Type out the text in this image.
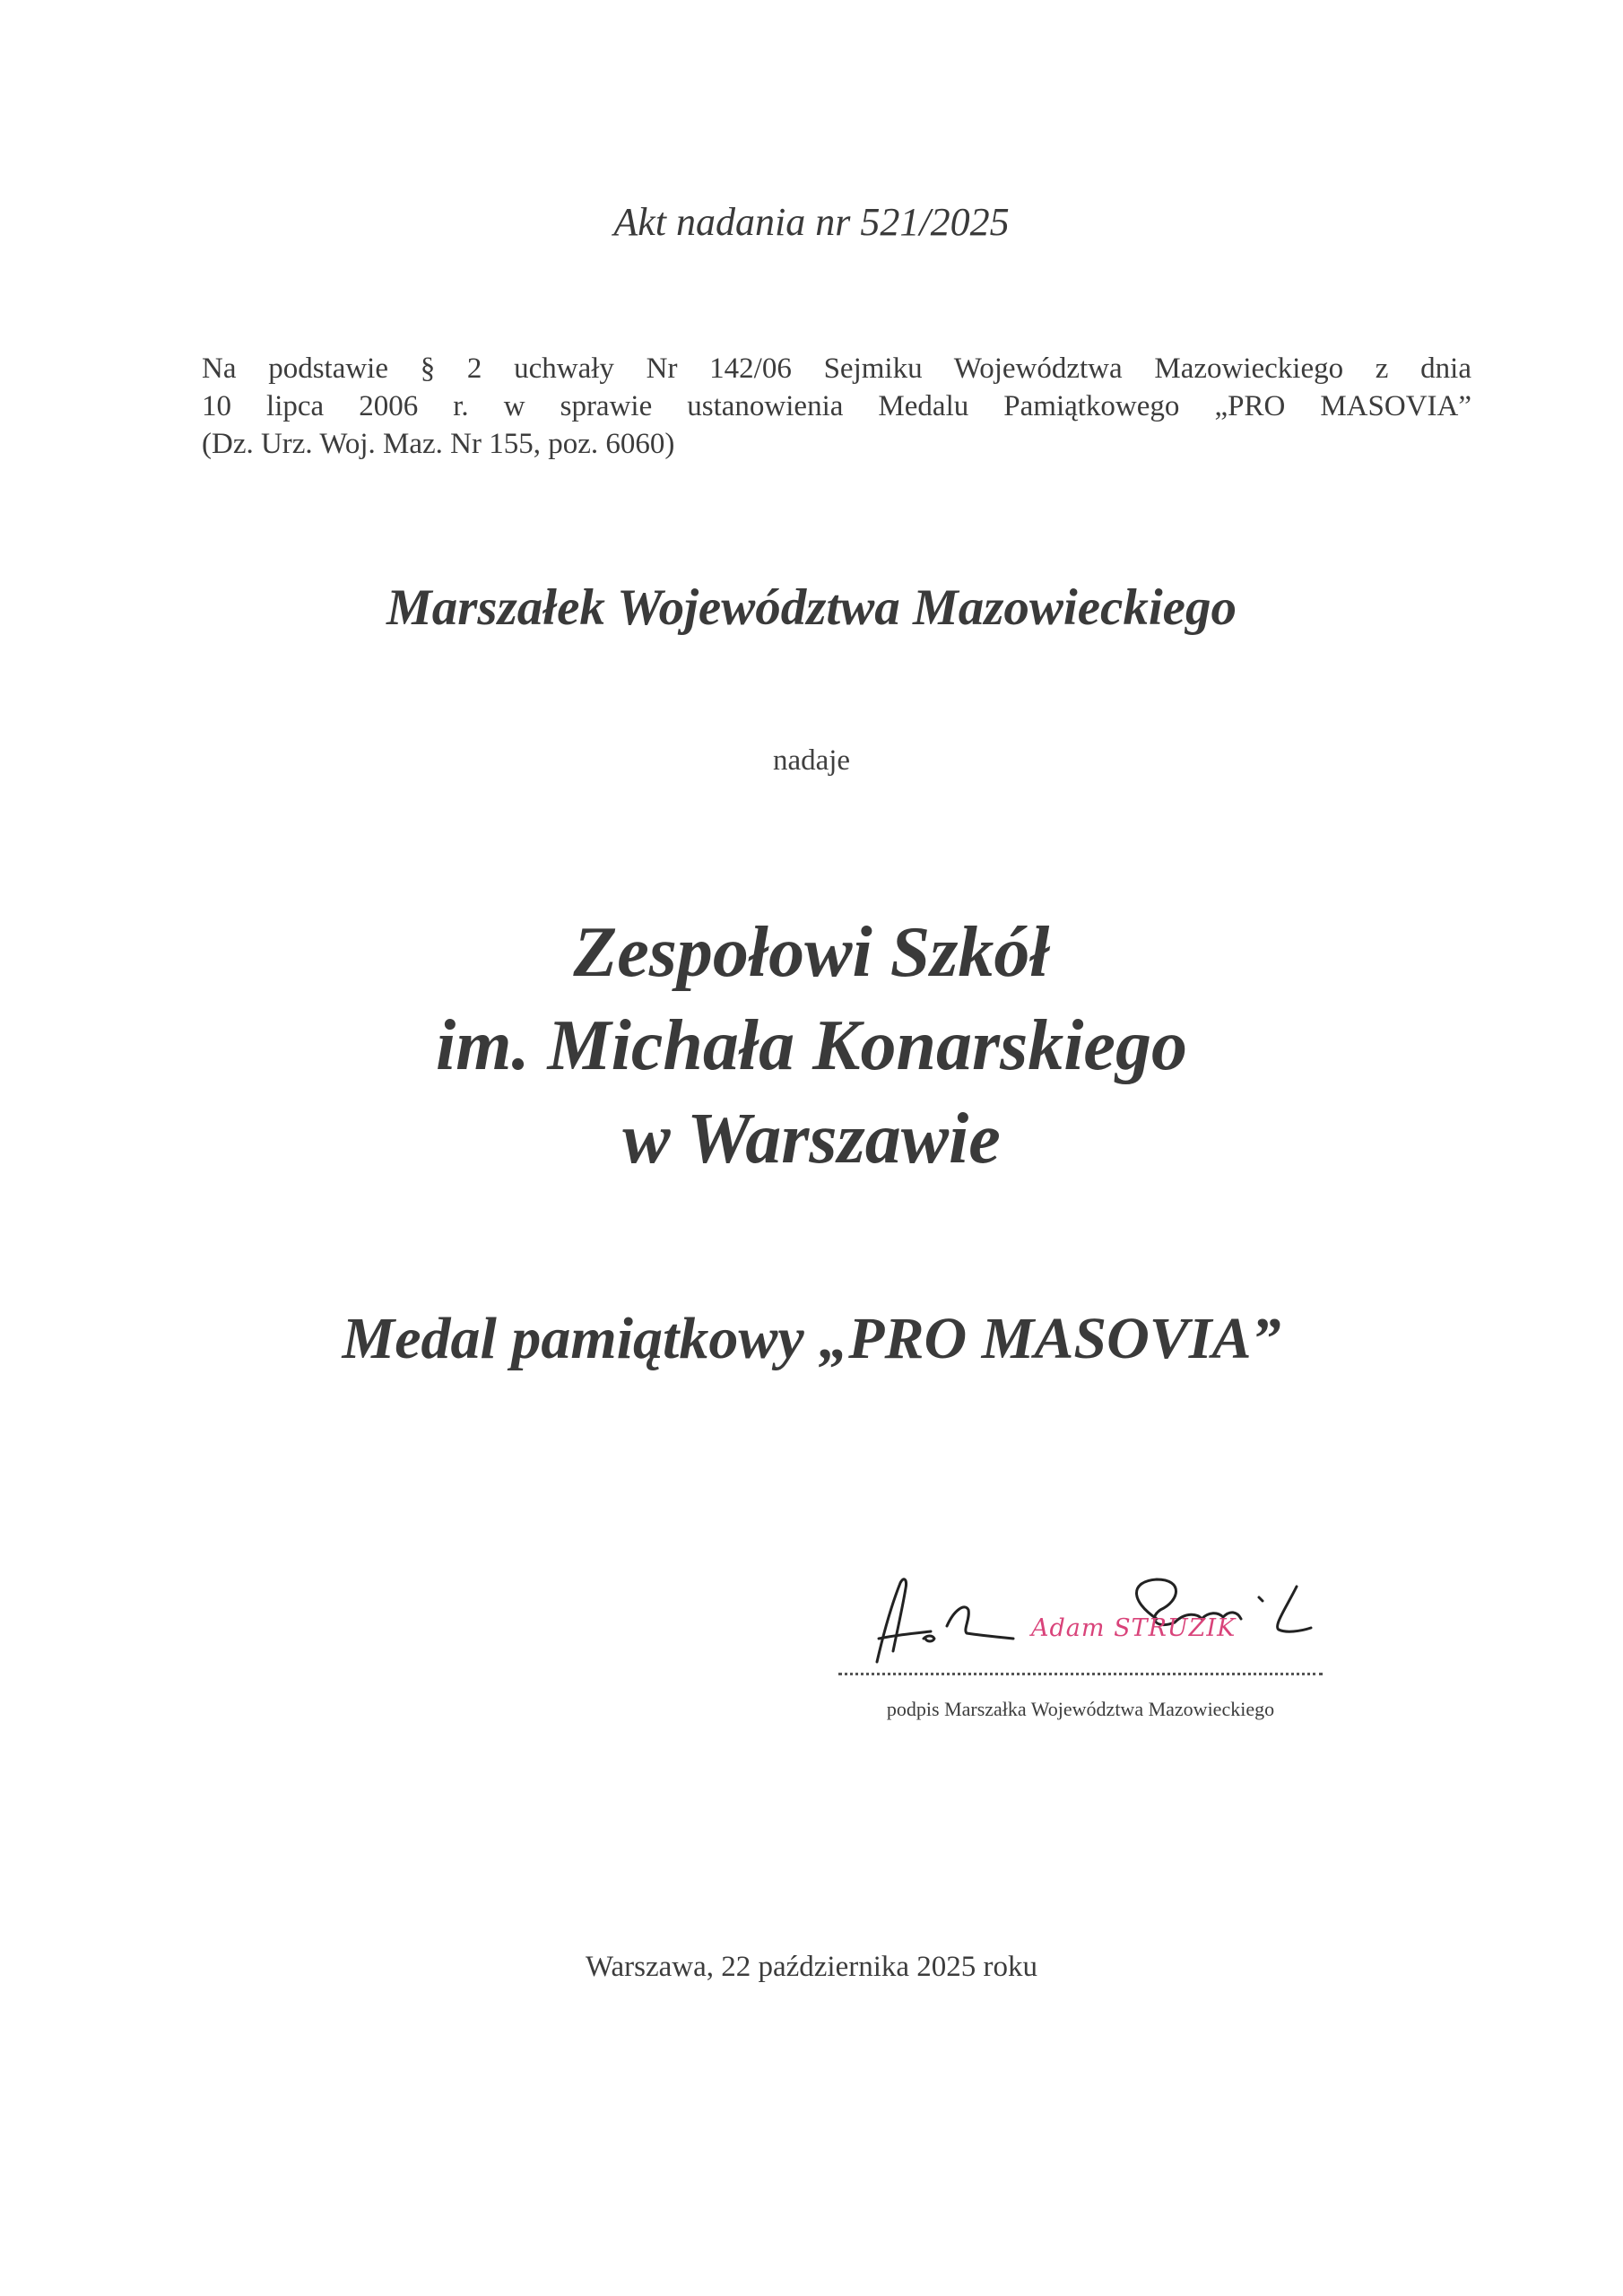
Akt nadania nr 521/2025
Na podstawie § 2 uchwały Nr 142/06 Sejmiku Województwa Mazowieckiego z dnia
10 lipca 2006 r. w sprawie ustanowienia Medalu Pamiątkowego „PRO MASOVIA”
(Dz. Urz. Woj. Maz. Nr 155, poz. 6060)
Marszałek Województwa Mazowieckiego
nadaje
Zespołowi Szkół
im. Michała Konarskiego
w Warszawie
Medal pamiątkowy „PRO MASOVIA”
Adam STRUZIK
podpis Marszałka Województwa Mazowieckiego
Warszawa, 22 października 2025 roku
